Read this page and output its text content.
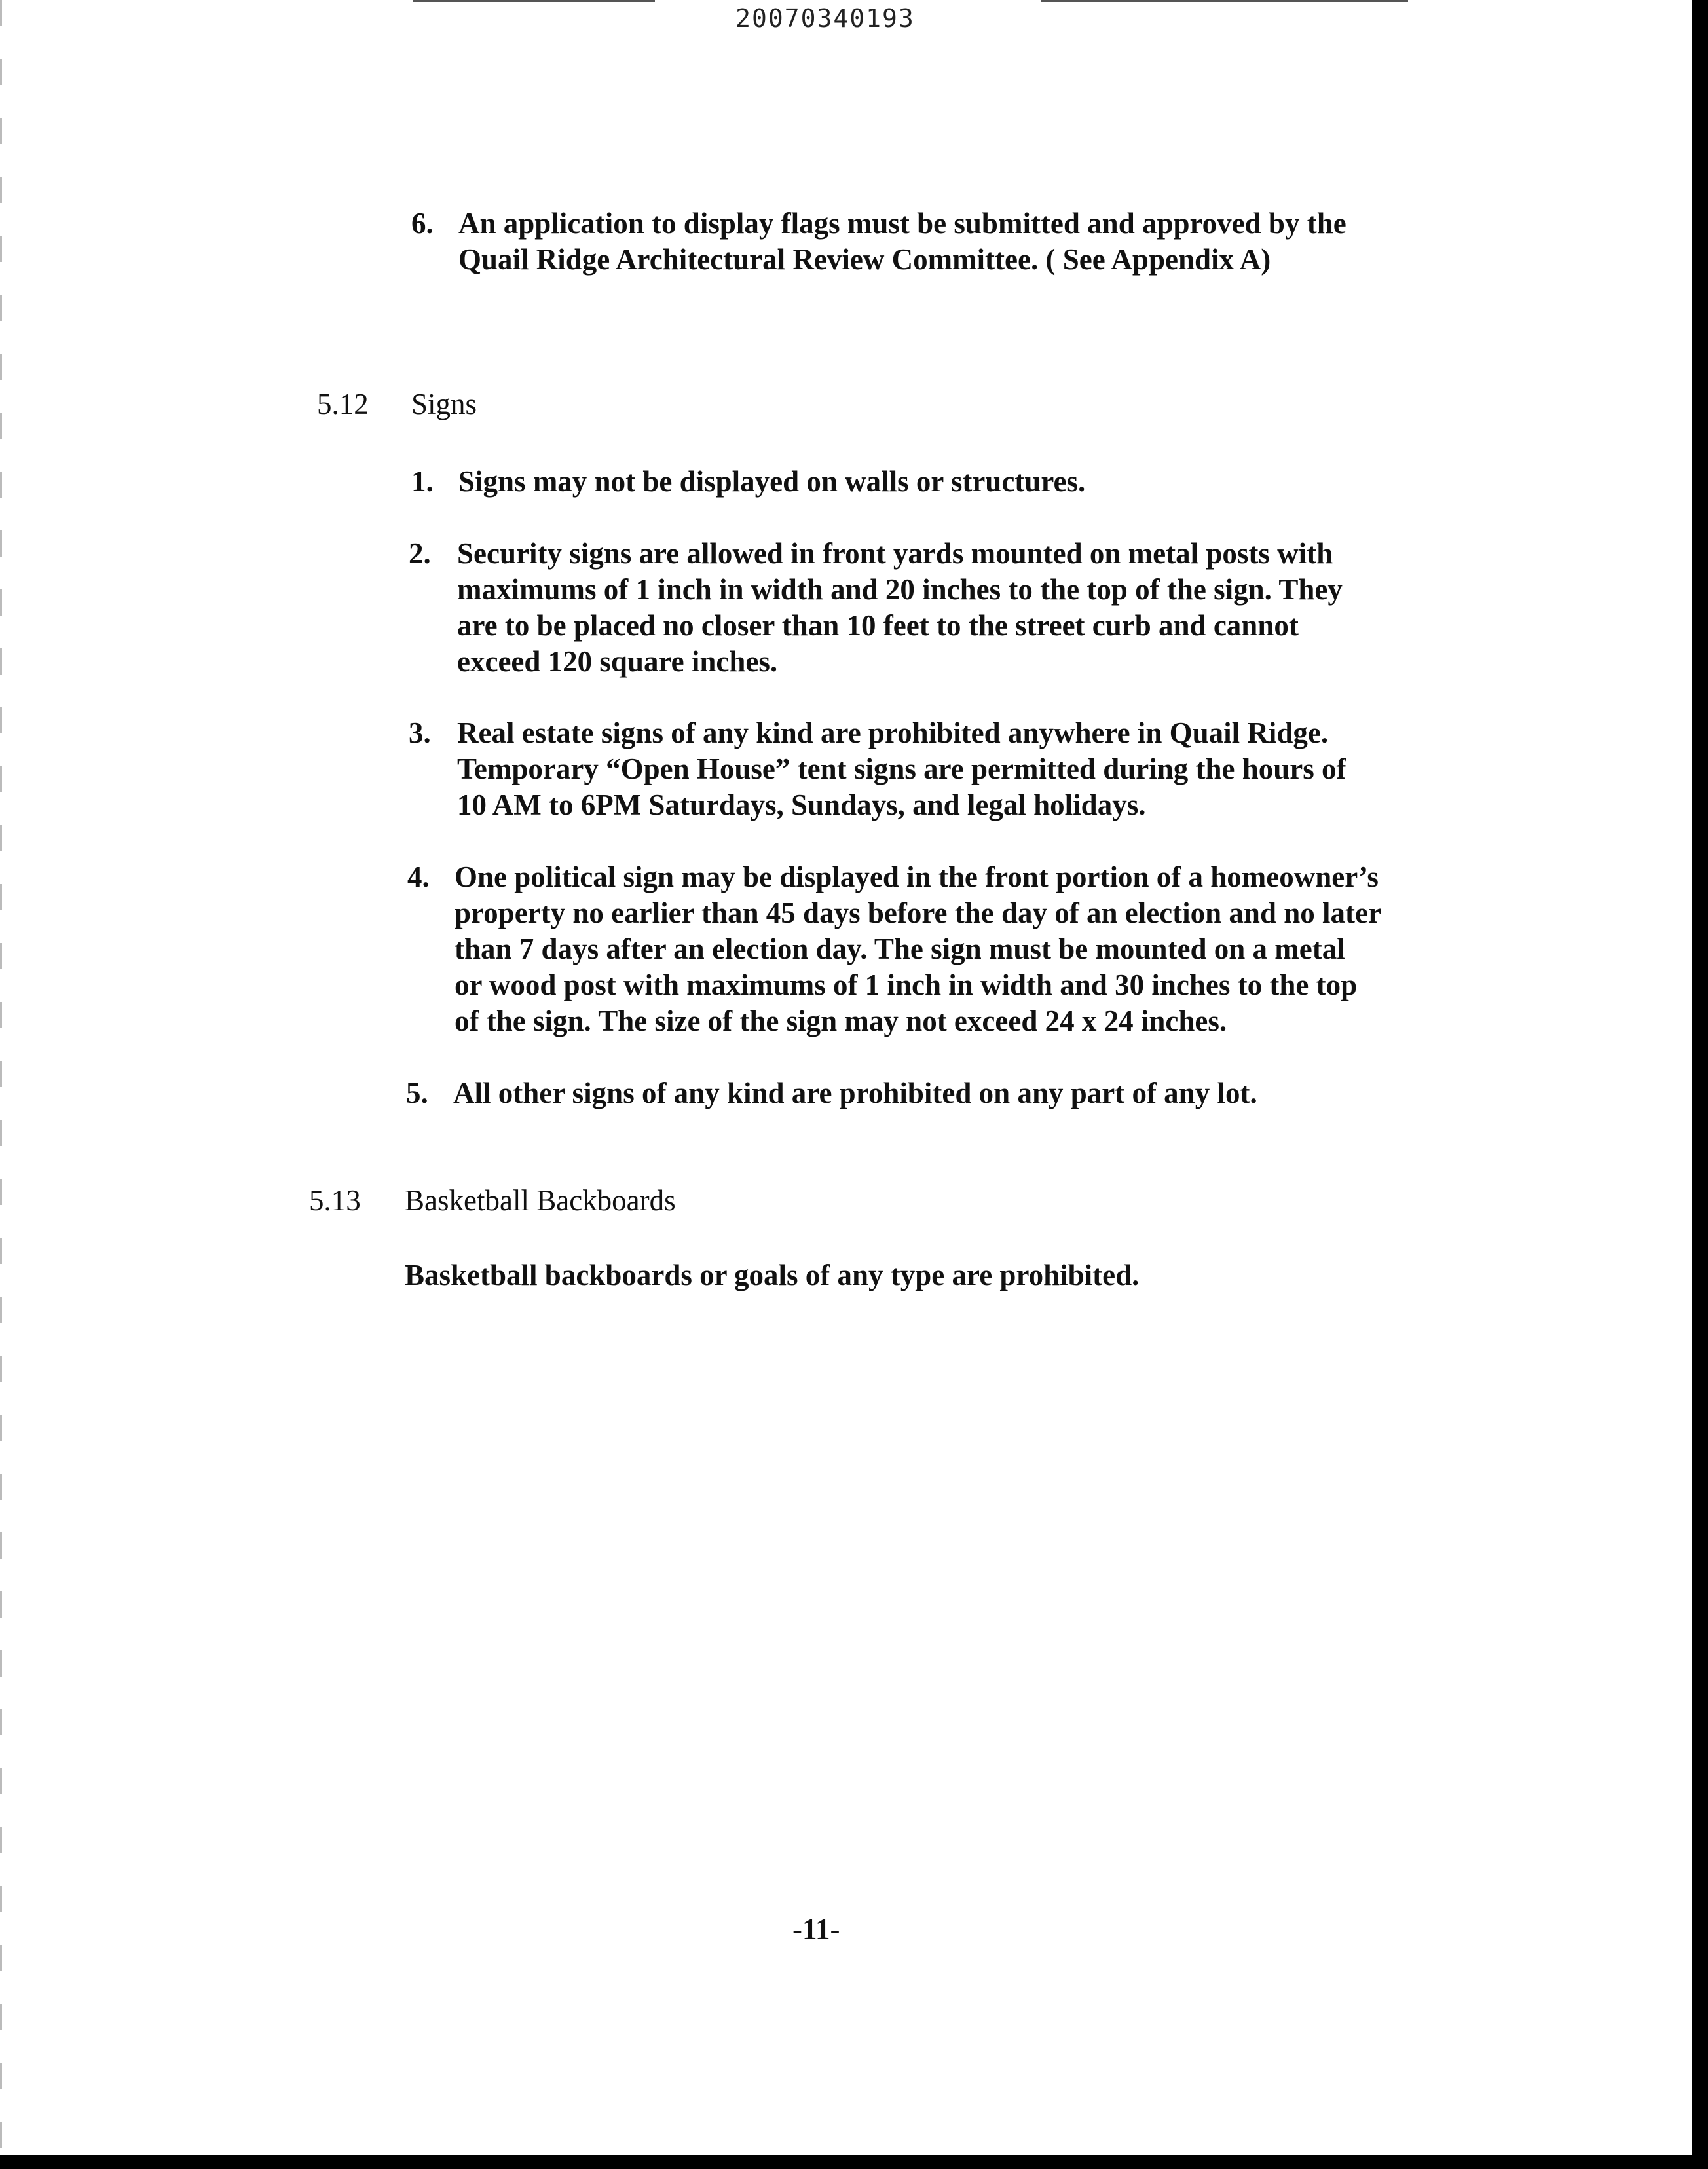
20070340193
6. An application to display flags must be submitted and approved by the
Quail Ridge Architectural Review Committee. ( See Appendix A)
5.12 Signs
1. Signs may not be displayed on walls or structures.
2. Security signs are allowed in front yards mounted on metal posts with
maximums of 1 inch in width and 20 inches to the top of the sign. They
are to be placed no closer than 10 feet to the street curb and cannot
exceed 120 square inches.
3. Real estate signs of any kind are prohibited anywhere in Quail Ridge.
Temporary “Open House” tent signs are permitted during the hours of
10 AM to 6PM Saturdays, Sundays, and legal holidays.
4. One political sign may be displayed in the front portion of a homeowner’s
property no earlier than 45 days before the day of an election and no later
than 7 days after an election day. The sign must be mounted on a metal
or wood post with maximums of 1 inch in width and 30 inches to the top
of the sign. The size of the sign may not exceed 24 x 24 inches.
5. All other signs of any kind are prohibited on any part of any lot.
5.13 Basketball Backboards
Basketball backboards or goals of any type are prohibited.
-11-
